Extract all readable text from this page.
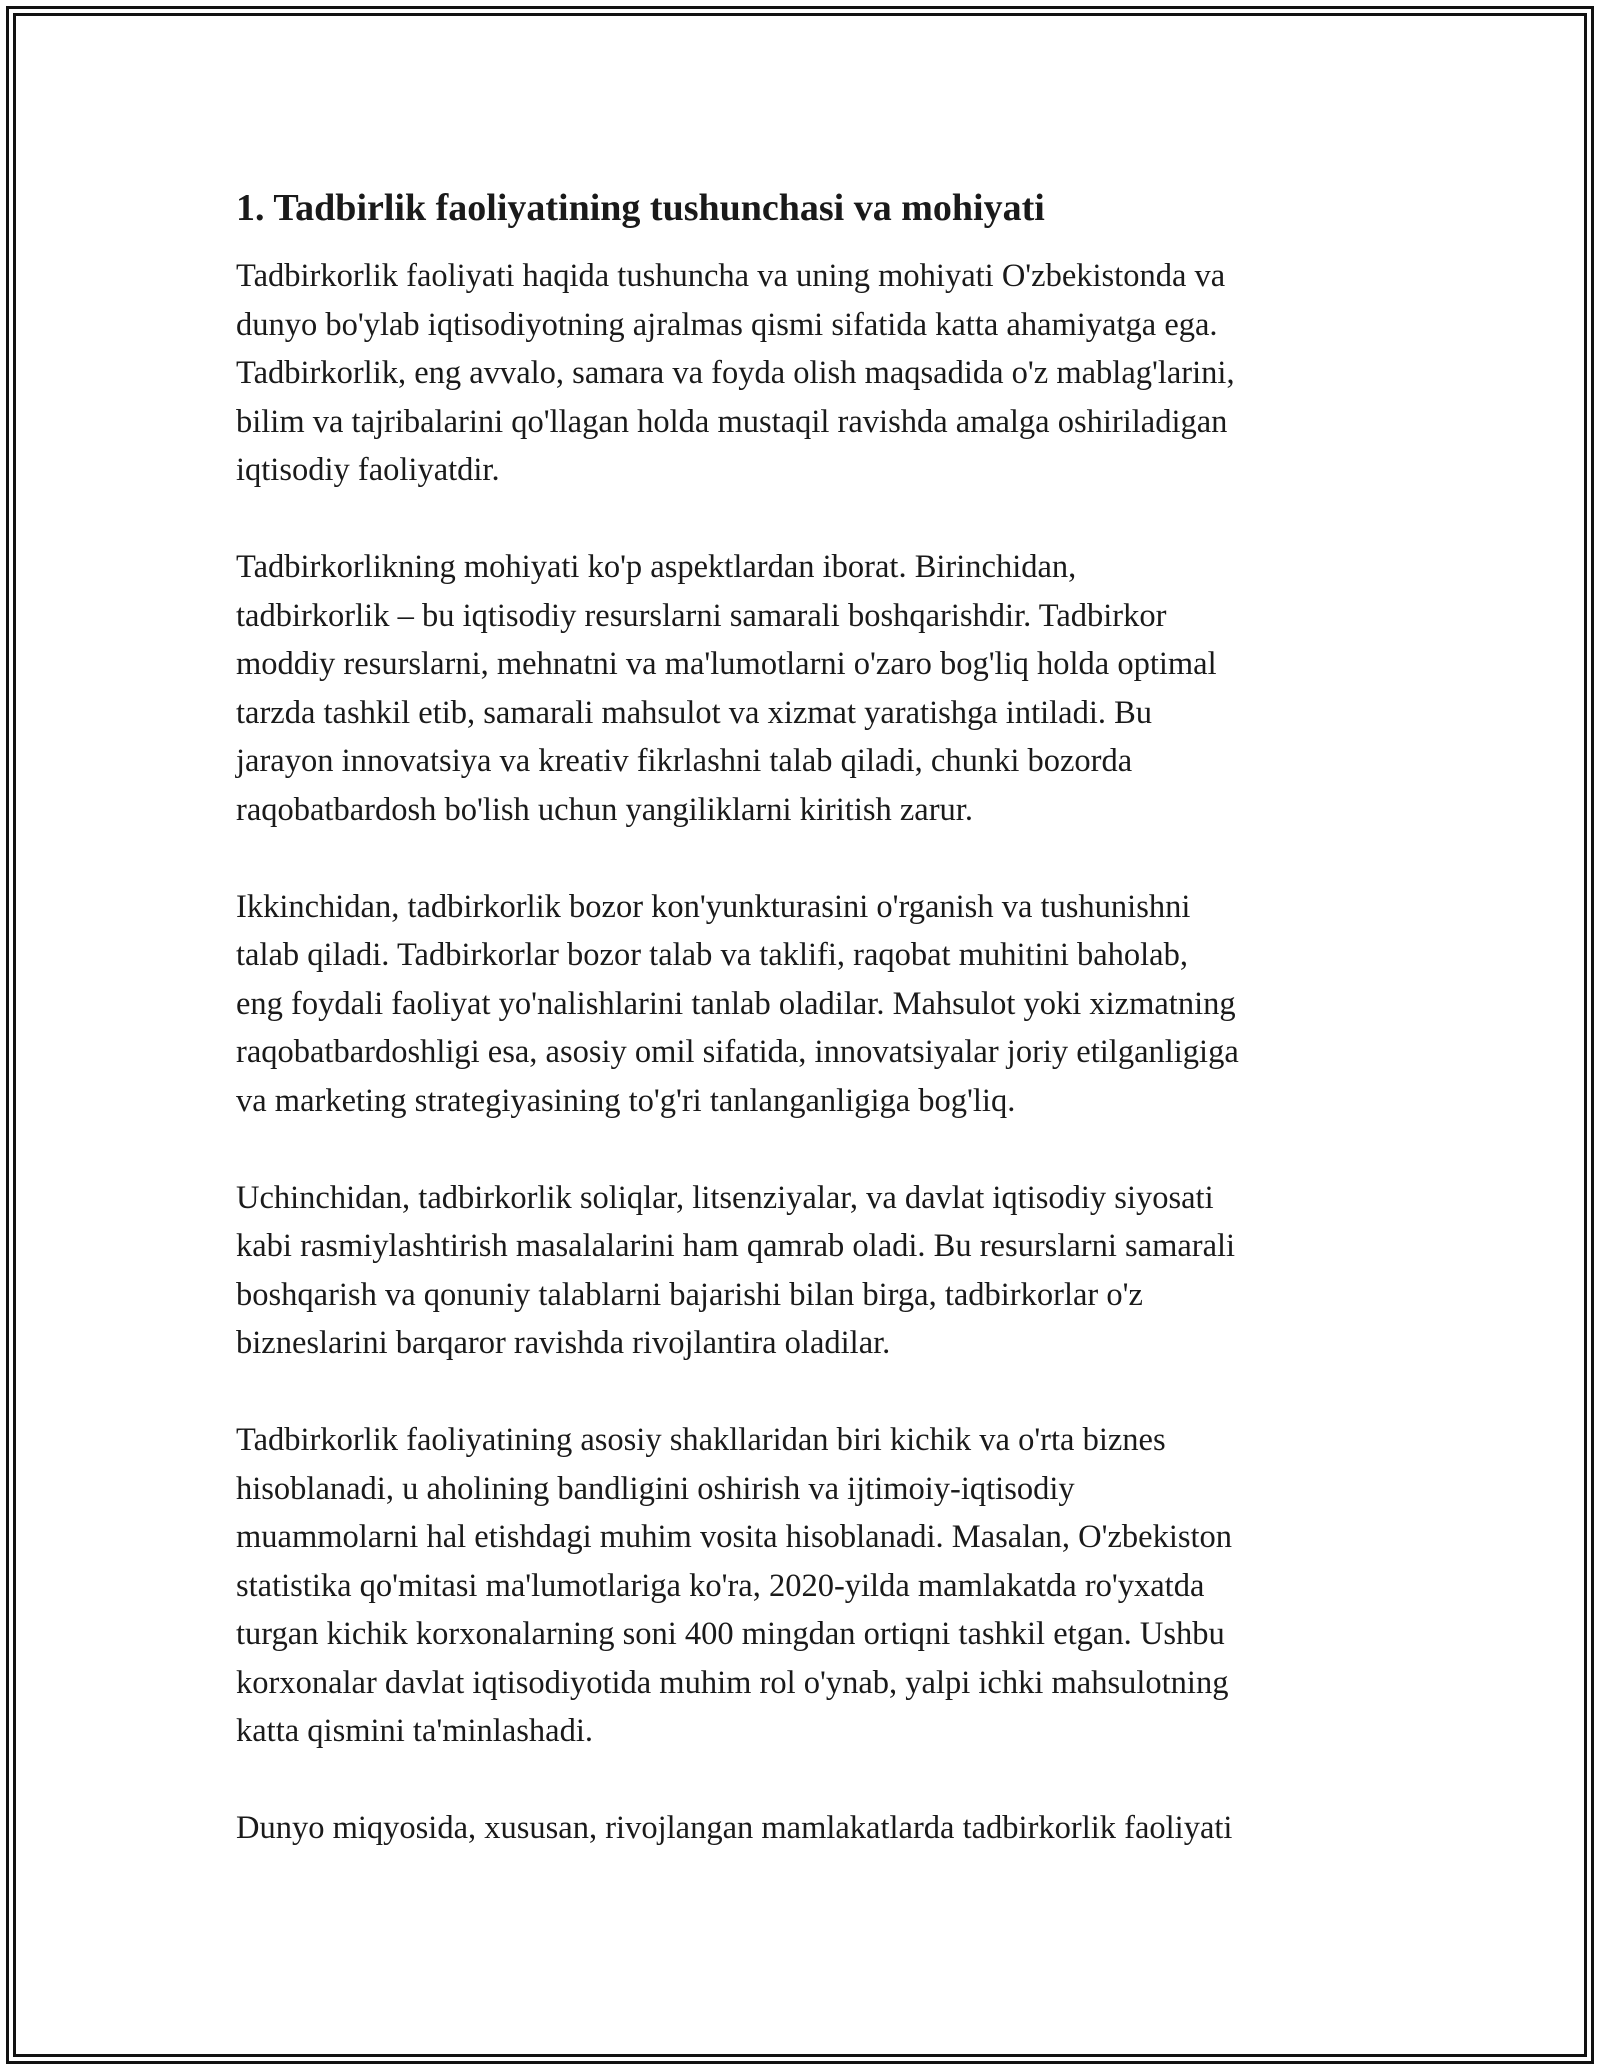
1. Tadbirlik faoliyatining tushunchasi va mohiyati
Tadbirkorlik faoliyati haqida tushuncha va uning mohiyati O'zbekistonda va
dunyo bo'ylab iqtisodiyotning ajralmas qismi sifatida katta ahamiyatga ega.
Tadbirkorlik, eng avvalo, samara va foyda olish maqsadida o'z mablag'larini,
bilim va tajribalarini qo'llagan holda mustaqil ravishda amalga oshiriladigan
iqtisodiy faoliyatdir.
Tadbirkorlikning mohiyati ko'p aspektlardan iborat. Birinchidan,
tadbirkorlik – bu iqtisodiy resurslarni samarali boshqarishdir. Tadbirkor
moddiy resurslarni, mehnatni va ma'lumotlarni o'zaro bog'liq holda optimal
tarzda tashkil etib, samarali mahsulot va xizmat yaratishga intiladi. Bu
jarayon innovatsiya va kreativ fikrlashni talab qiladi, chunki bozorda
raqobatbardosh bo'lish uchun yangiliklarni kiritish zarur.
Ikkinchidan, tadbirkorlik bozor kon'yunkturasini o'rganish va tushunishni
talab qiladi. Tadbirkorlar bozor talab va taklifi, raqobat muhitini baholab,
eng foydali faoliyat yo'nalishlarini tanlab oladilar. Mahsulot yoki xizmatning
raqobatbardoshligi esa, asosiy omil sifatida, innovatsiyalar joriy etilganligiga
va marketing strategiyasining to'g'ri tanlanganligiga bog'liq.
Uchinchidan, tadbirkorlik soliqlar, litsenziyalar, va davlat iqtisodiy siyosati
kabi rasmiylashtirish masalalarini ham qamrab oladi. Bu resurslarni samarali
boshqarish va qonuniy talablarni bajarishi bilan birga, tadbirkorlar o'z
bizneslarini barqaror ravishda rivojlantira oladilar.
Tadbirkorlik faoliyatining asosiy shakllaridan biri kichik va o'rta biznes
hisoblanadi, u aholining bandligini oshirish va ijtimoiy-iqtisodiy
muammolarni hal etishdagi muhim vosita hisoblanadi. Masalan, O'zbekiston
statistika qo'mitasi ma'lumotlariga ko'ra, 2020-yilda mamlakatda ro'yxatda
turgan kichik korxonalarning soni 400 mingdan ortiqni tashkil etgan. Ushbu
korxonalar davlat iqtisodiyotida muhim rol o'ynab, yalpi ichki mahsulotning
katta qismini ta'minlashadi.
Dunyo miqyosida, xususan, rivojlangan mamlakatlarda tadbirkorlik faoliyati
